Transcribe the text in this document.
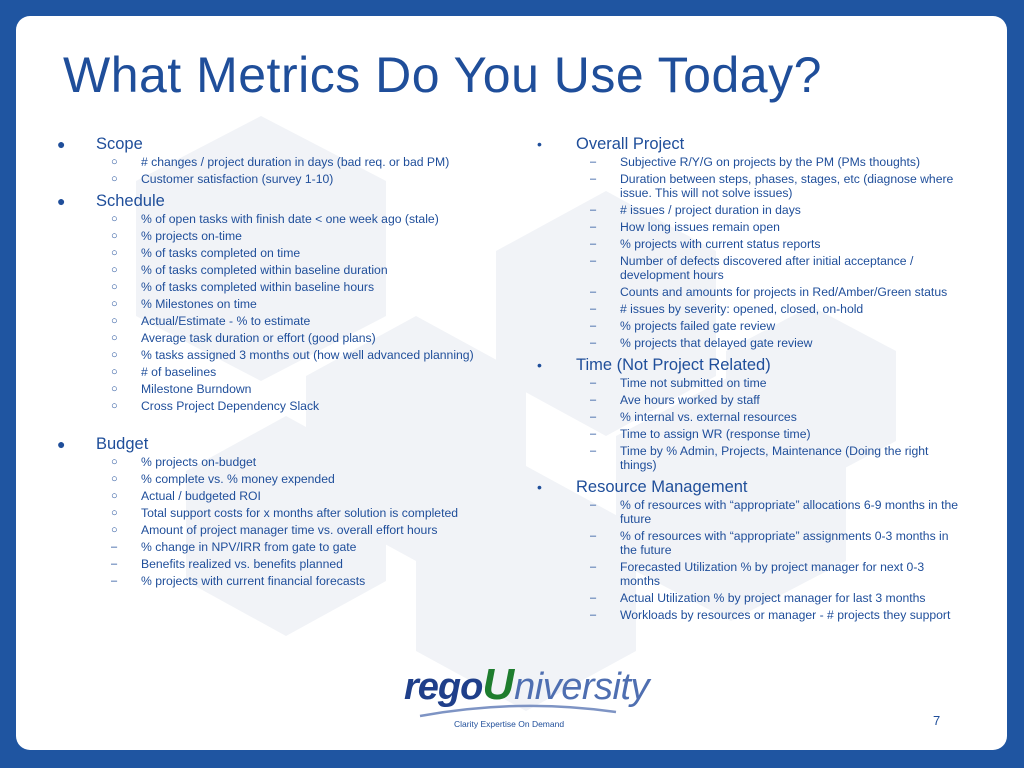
What Metrics Do You Use Today?
● Scope
○ # changes / project duration in days (bad req. or bad PM)
○ Customer satisfaction (survey 1-10)
● Schedule
○ % of open tasks with finish date < one week ago (stale)
○ % projects on-time
○ % of tasks completed on time
○ % of tasks completed within baseline duration
○ % of tasks completed within baseline hours
○ % Milestones on time
○ Actual/Estimate - % to estimate
○ Average task duration or effort (good plans)
○ % tasks assigned 3 months out (how well advanced planning)
○ # of baselines
○ Milestone Burndown
○ Cross Project Dependency Slack
● Budget
○ % projects on-budget
○ % complete vs. % money expended
○ Actual / budgeted ROI
○ Total support costs for x months after solution is completed
○ Amount of project manager time vs. overall effort hours
– % change in NPV/IRR from gate to gate
– Benefits realized vs. benefits planned
– % projects with current financial forecasts
• Overall Project
– Subjective R/Y/G on projects by the PM (PMs thoughts)
– Duration between steps, phases, stages, etc (diagnose where issue. This will not solve issues)
– # issues / project duration in days
– How long issues remain open
– % projects with current status reports
– Number of defects discovered after initial acceptance / development hours
– Counts and amounts for projects in Red/Amber/Green status
– # issues by severity: opened, closed, on-hold
– % projects failed gate review
– % projects that delayed gate review
• Time (Not Project Related)
– Time not submitted on time
– Ave hours worked by staff
– % internal vs. external resources
– Time to assign WR (response time)
– Time by % Admin, Projects, Maintenance (Doing the right things)
• Resource Management
– % of resources with “appropriate” allocations 6-9 months in the future
– % of resources with “appropriate” assignments 0-3 months in the future
– Forecasted Utilization % by project manager for next 0-3 months
– Actual Utilization % by project manager for last 3 months
– Workloads by resources or manager - # projects they support
regoUniversity
Clarity Expertise On Demand	7
